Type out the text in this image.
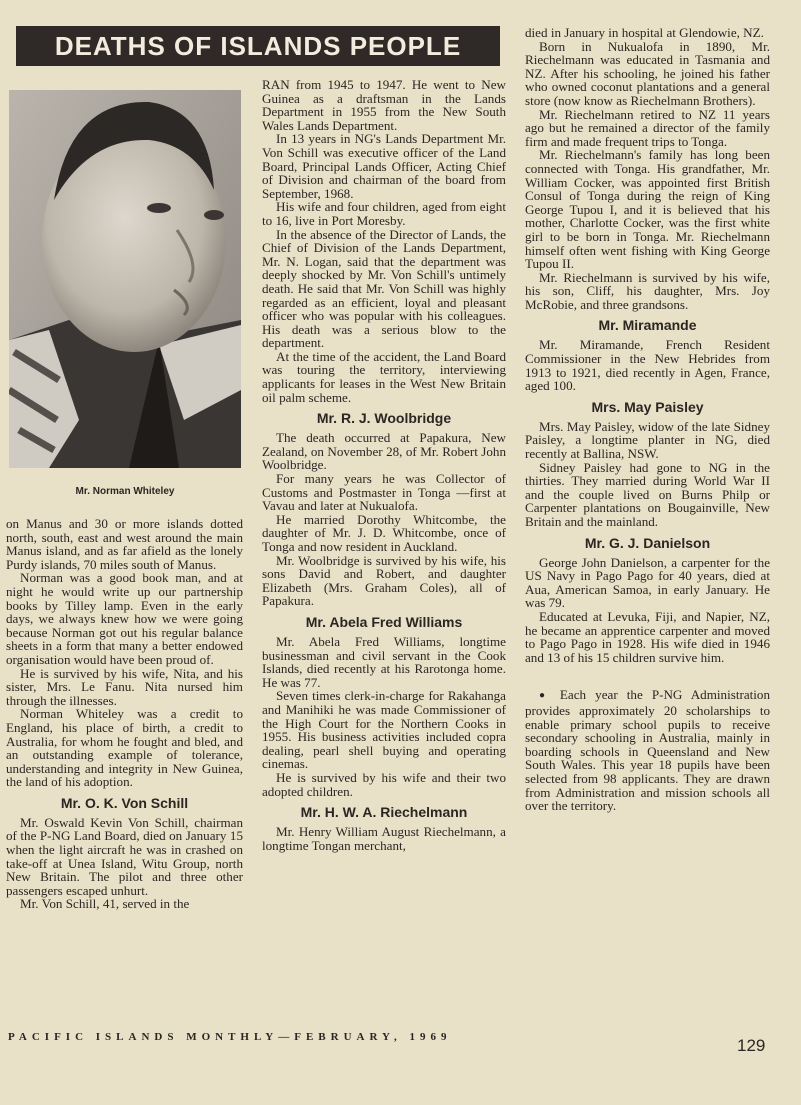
DEATHS OF ISLANDS PEOPLE
Mr. Norman Whiteley

on Manus and 30 or more islands dotted north, south, east and west around the main Manus island, and as far afield as the lonely Purdy islands, 70 miles south of Manus.

Norman was a good book man, and at night he would write up our partnership books by Tilley lamp. Even in the early days, we always knew how we were going because Norman got out his regular balance sheets in a form that many a better endowed organisation would have been proud of.

He is survived by his wife, Nita, and his sister, Mrs. Le Fanu. Nita nursed him through the illnesses.

Norman Whiteley was a credit to England, his place of birth, a credit to Australia, for whom he fought and bled, and an outstanding example of tolerance, understanding and integrity in New Guinea, the land of his adoption.

Mr. O. K. Von Schill

Mr. Oswald Kevin Von Schill, chairman of the P-NG Land Board, died on January 15 when the light aircraft he was in crashed on take-off at Unea Island, Witu Group, north New Britain. The pilot and three other passengers escaped unhurt.

Mr. Von Schill, 41, served in the

RAN from 1945 to 1947. He went to New Guinea as a draftsman in the Lands Department in 1955 from the New South Wales Lands Department.

In 13 years in NG's Lands Department Mr. Von Schill was executive officer of the Land Board, Principal Lands Officer, Acting Chief of Division and chairman of the board from September, 1968.

His wife and four children, aged from eight to 16, live in Port Moresby.

In the absence of the Director of Lands, the Chief of Division of the Lands Department, Mr. N. Logan, said that the department was deeply shocked by Mr. Von Schill's untimely death. He said that Mr. Von Schill was highly regarded as an efficient, loyal and pleasant officer who was popular with his colleagues. His death was a serious blow to the department.

At the time of the accident, the Land Board was touring the territory, interviewing applicants for leases in the West New Britain oil palm scheme.

Mr. R. J. Woolbridge

The death occurred at Papakura, New Zealand, on November 28, of Mr. Robert John Woolbridge.

For many years he was Collector of Customs and Postmaster in Tonga —first at Vavau and later at Nukualofa.

He married Dorothy Whitcombe, the daughter of Mr. J. D. Whitcombe, once of Tonga and now resident in Auckland.

Mr. Woolbridge is survived by his wife, his sons David and Robert, and daughter Elizabeth (Mrs. Graham Coles), all of Papakura.

Mr. Abela Fred Williams

Mr. Abela Fred Williams, longtime businessman and civil servant in the Cook Islands, died recently at his Rarotonga home. He was 77.

Seven times clerk-in-charge for Rakahanga and Manihiki he was made Commissioner of the High Court for the Northern Cooks in 1955. His business activities included copra dealing, pearl shell buying and operating cinemas.

He is survived by his wife and their two adopted children.

Mr. H. W. A. Riechelmann

Mr. Henry William August Riechelmann, a longtime Tongan merchant,

died in January in hospital at Glendowie, NZ.

Born in Nukualofa in 1890, Mr. Riechelmann was educated in Tasmania and NZ. After his schooling, he joined his father who owned coconut plantations and a general store (now know as Riechelmann Brothers).

Mr. Riechelmann retired to NZ 11 years ago but he remained a director of the family firm and made frequent trips to Tonga.

Mr. Riechelmann's family has long been connected with Tonga. His grandfather, Mr. William Cocker, was appointed first British Consul of Tonga during the reign of King George Tupou I, and it is believed that his mother, Charlotte Cocker, was the first white girl to be born in Tonga. Mr. Riechelmann himself often went fishing with King George Tupou II.

Mr. Riechelmann is survived by his wife, his son, Cliff, his daughter, Mrs. Joy McRobie, and three grandsons.

Mr. Miramande

Mr. Miramande, French Resident Commissioner in the New Hebrides from 1913 to 1921, died recently in Agen, France, aged 100.

Mrs. May Paisley

Mrs. May Paisley, widow of the late Sidney Paisley, a longtime planter in NG, died recently at Ballina, NSW.

Sidney Paisley had gone to NG in the thirties. They married during World War II and the couple lived on Burns Philp or Carpenter plantations on Bougainville, New Britain and the mainland.

Mr. G. J. Danielson

George John Danielson, a carpenter for the US Navy in Pago Pago for 40 years, died at Aua, American Samoa, in early January. He was 79.

Educated at Levuka, Fiji, and Napier, NZ, he became an apprentice carpenter and moved to Pago Pago in 1928. His wife died in 1946 and 13 of his 15 children survive him.

● Each year the P-NG Administration provides approximately 20 scholarships to enable primary school pupils to receive secondary schooling in Australia, mainly in boarding schools in Queensland and New South Wales. This year 18 pupils have been selected from 98 applicants. They are drawn from Administration and mission schools all over the territory.

PACIFIC ISLANDS MONTHLY—FEBRUARY, 1969	129
